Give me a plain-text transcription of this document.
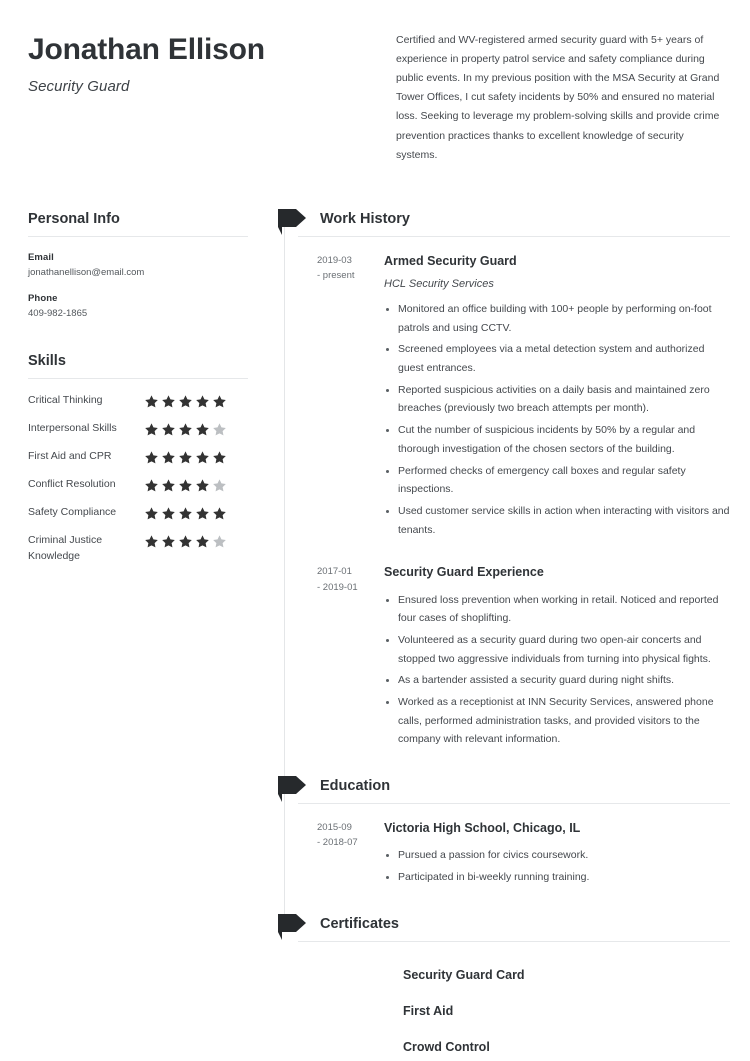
Jonathan Ellison
Security Guard

Certified and WV-registered armed security guard with 5+ years of experience in property patrol service and safety compliance during public events. In my previous position with the MSA Security at Grand Tower Offices, I cut safety incidents by 50% and ensured no material loss. Seeking to leverage my problem-solving skills and provide crime prevention practices thanks to excellent knowledge of security systems.

Personal Info
Email
jonathanellison@email.com
Phone
409-982-1865
Skills
Critical Thinking
Interpersonal Skills
First Aid and CPR
Conflict Resolution
Safety Compliance
Criminal Justice Knowledge
Work History
2019-03
- present
Armed Security Guard
HCL Security Services
Monitored an office building with 100+ people by performing on-foot patrols and using CCTV.
Screened employees via a metal detection system and authorized guest entrances.
Reported suspicious activities on a daily basis and maintained zero breaches (previously two breach attempts per month).
Cut the number of suspicious incidents by 50% by a regular and thorough investigation of the chosen sectors of the building.
Performed checks of emergency call boxes and regular safety inspections.
Used customer service skills in action when interacting with visitors and tenants.
2017-01
- 2019-01
Security Guard Experience
Ensured loss prevention when working in retail. Noticed and reported four cases of shoplifting.
Volunteered as a security guard during two open-air concerts and stopped two aggressive individuals from turning into physical fights.
As a bartender assisted a security guard during night shifts.
Worked as a receptionist at INN Security Services, answered phone calls, performed administration tasks, and provided visitors to the company with relevant information.
Education
2015-09
- 2018-07
Victoria High School, Chicago, IL
Pursued a passion for civics coursework.
Participated in bi-weekly running training.
Certificates
Security Guard Card
First Aid
Crowd Control
